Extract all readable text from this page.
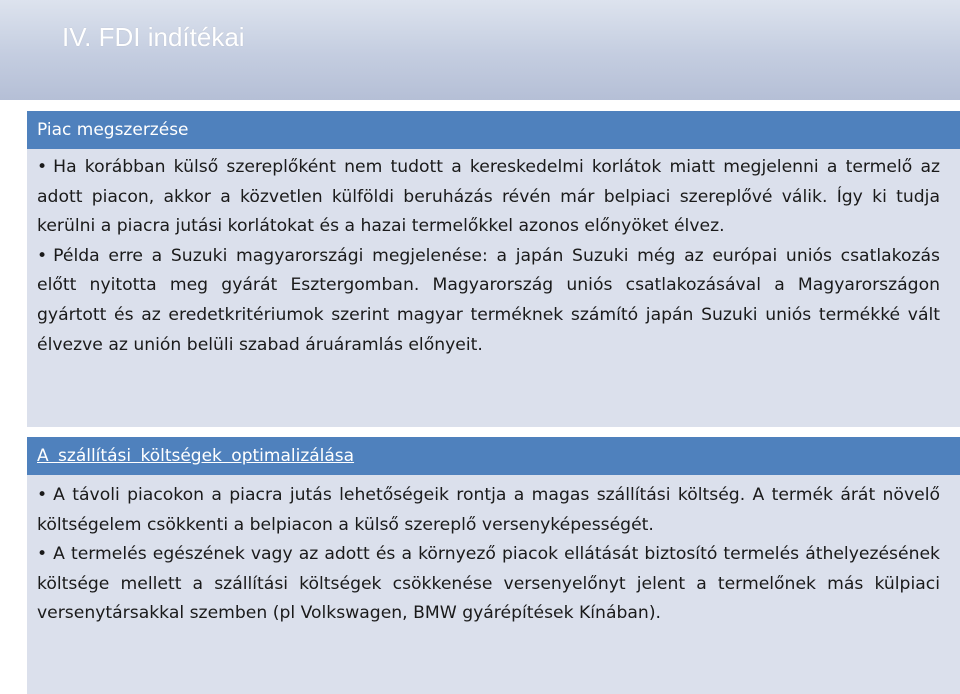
IV. FDI indítékai
Piac megszerzése

• Ha korábban külső szereplőként nem tudott a kereskedelmi korlátok miatt megjelenni a termelő az adott piacon, akkor a közvetlen külföldi beruházás révén már belpiaci szereplővé válik. Így ki tudja kerülni a piacra jutási korlátokat és a hazai termelőkkel azonos előnyöket élvez.

• Példa erre a Suzuki magyarországi megjelenése: a japán Suzuki még az európai uniós csatlakozás előtt nyitotta meg gyárát Esztergomban. Magyarország uniós csatlakozásával a Magyarországon gyártott és az eredetkritériumok szerint magyar terméknek számító japán Suzuki uniós termékké vált élvezve az unión belüli szabad áruáramlás előnyeit.

A szállítási költségek optimalizálása

• A távoli piacokon a piacra jutás lehetőségeik rontja a magas szállítási költség. A termék árát növelő költségelem csökkenti a belpiacon a külső szereplő versenyképességét.

• A termelés egészének vagy az adott és a környező piacok ellátását biztosító termelés áthelyezésének költsége mellett a szállítási költségek csökkenése versenyelőnyt jelent a termelőnek más külpiaci versenytársakkal szemben (pl Volkswagen, BMW gyárépítések Kínában).
